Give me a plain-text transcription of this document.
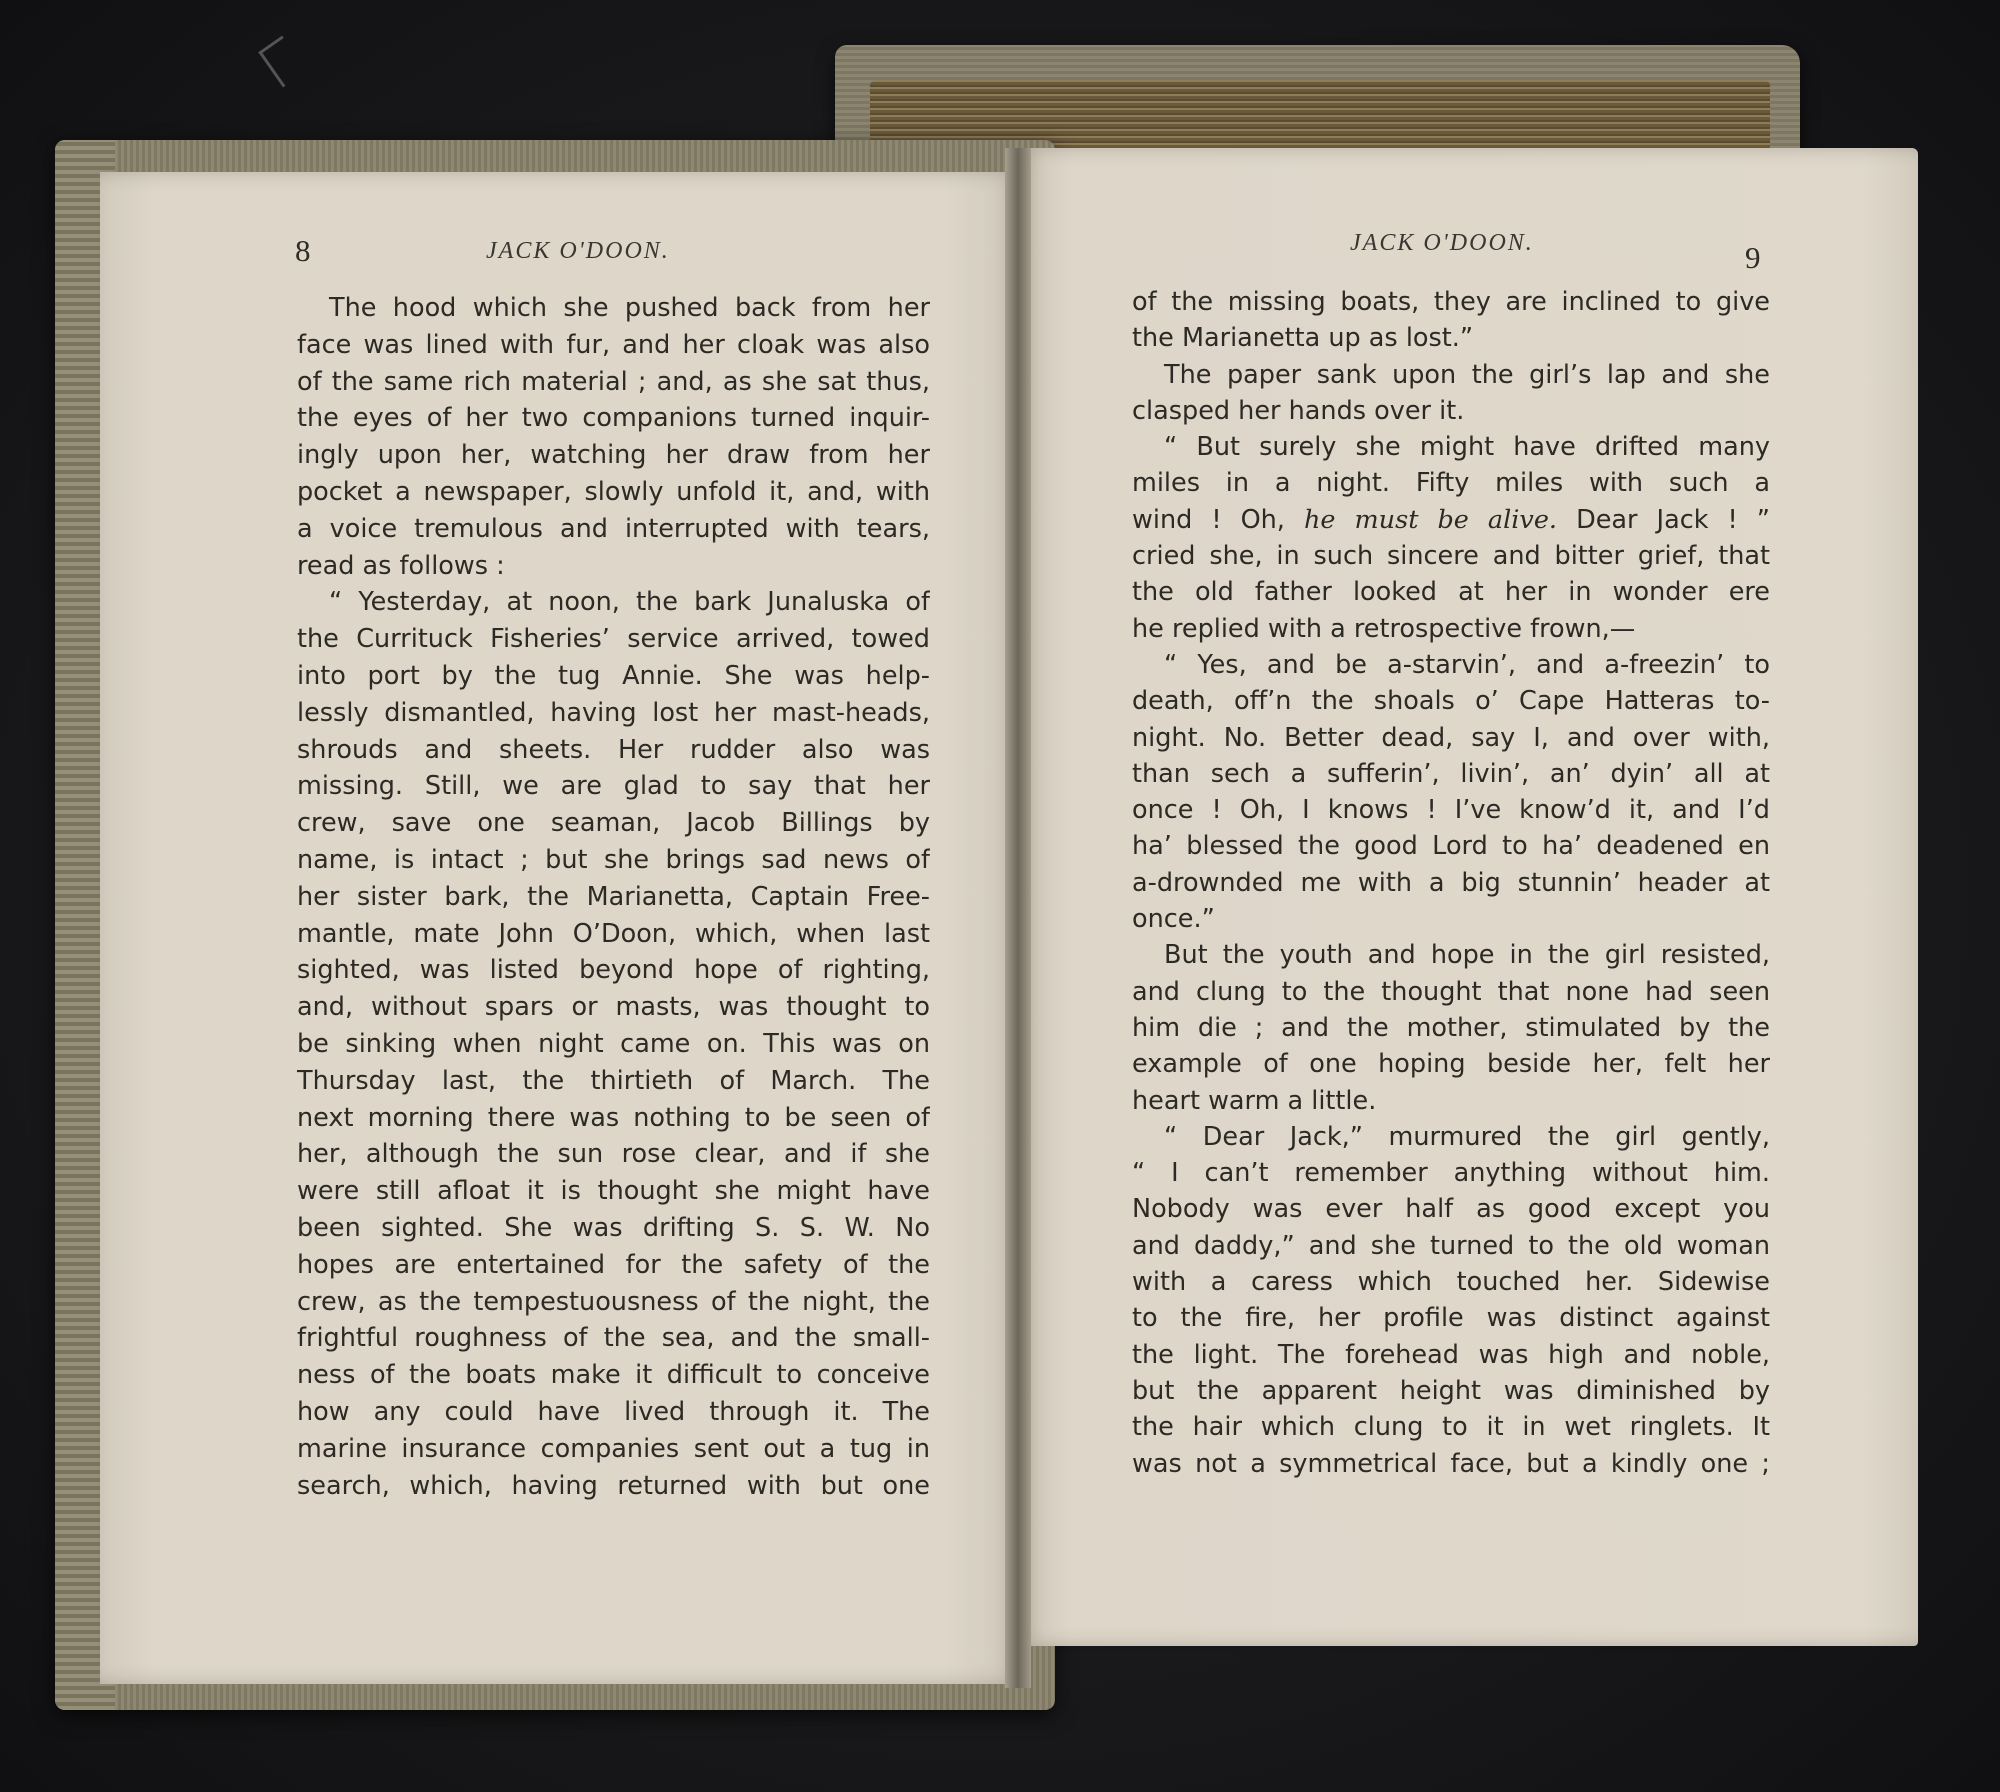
8	JACK O'DOON.	JACK O'DOON.	9
The hood which she pushed back from her
face was lined with fur, and her cloak was also
of the same rich material ; and, as she sat thus,
the eyes of her two companions turned inquir-
ingly upon her, watching her draw from her
pocket a newspaper, slowly unfold it, and, with
a voice tremulous and interrupted with tears,
read as follows :
“ Yesterday, at noon, the bark Junaluska of
the Currituck Fisheries’ service arrived, towed
into port by the tug Annie. She was help-
lessly dismantled, having lost her mast-heads,
shrouds and sheets. Her rudder also was
missing. Still, we are glad to say that her
crew, save one seaman, Jacob Billings by
name, is intact ; but she brings sad news of
her sister bark, the Marianetta, Captain Free-
mantle, mate John O’Doon, which, when last
sighted, was listed beyond hope of righting,
and, without spars or masts, was thought to
be sinking when night came on. This was on
Thursday last, the thirtieth of March. The
next morning there was nothing to be seen of
her, although the sun rose clear, and if she
were still afloat it is thought she might have
been sighted. She was drifting S. S. W. No
hopes are entertained for the safety of the
crew, as the tempestuousness of the night, the
frightful roughness of the sea, and the small-
ness of the boats make it difficult to conceive
how any could have lived through it. The
marine insurance companies sent out a tug in
search, which, having returned with but one
of the missing boats, they are inclined to give
the Marianetta up as lost.”
The paper sank upon the girl’s lap and she
clasped her hands over it.
“ But surely she might have drifted many
miles in a night. Fifty miles with such a
wind ! Oh, he must be alive. Dear Jack ! ”
cried she, in such sincere and bitter grief, that
the old father looked at her in wonder ere
he replied with a retrospective frown,—
“ Yes, and be a-starvin’, and a-freezin’ to
death, off’n the shoals o’ Cape Hatteras to-
night. No. Better dead, say I, and over with,
than sech a sufferin’, livin’, an’ dyin’ all at
once ! Oh, I knows ! I’ve know’d it, and I’d
ha’ blessed the good Lord to ha’ deadened en
a-drownded me with a big stunnin’ header at
once.”
But the youth and hope in the girl resisted,
and clung to the thought that none had seen
him die ; and the mother, stimulated by the
example of one hoping beside her, felt her
heart warm a little.
“ Dear Jack,” murmured the girl gently,
“ I can’t remember anything without him.
Nobody was ever half as good except you
and daddy,” and she turned to the old woman
with a caress which touched her. Sidewise
to the fire, her profile was distinct against
the light. The forehead was high and noble,
but the apparent height was diminished by
the hair which clung to it in wet ringlets. It
was not a symmetrical face, but a kindly one ;
